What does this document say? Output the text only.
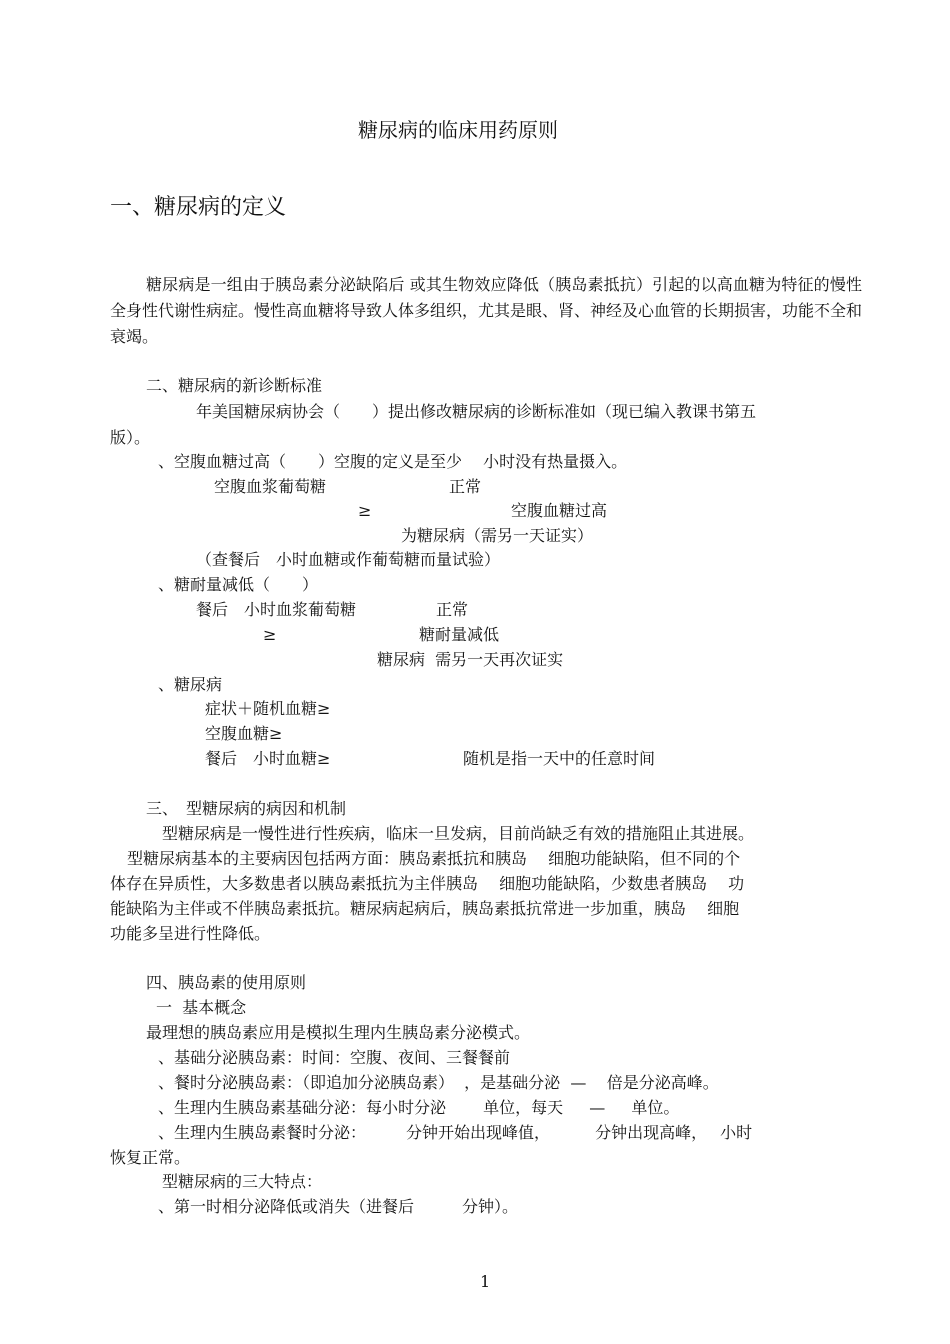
糖尿病的临床用药原则
一、糖尿病的定义
糖尿病是一组由于胰岛素分泌缺陷后 或其生物效应降低（胰岛素抵抗）引起的以高血糖为特征的慢性全身性代谢性病症。慢性高血糖将导致人体多组织，尤其是眼、肾、神经及心血管的长期损害，功能不全和衰竭。
二、糖尿病的新诊断标准
年美国糖尿病协会（　　）提出修改糖尿病的诊断标准如（现已编入教课书第五
版）。
、空腹血糖过高（　　）空腹的定义是至少　 小时没有热量摄入。
空腹血浆葡萄糖	正常
≥	空腹血糖过高
为糖尿病（需另一天证实）
（查餐后　小时血糖或作葡萄糖而量试验）
、糖耐量减低（　　）
餐后　小时血浆葡萄糖	正常
≥	糖耐量减低
糖尿病  需另一天再次证实
、糖尿病
症状＋随机血糖≥
空腹血糖≥
餐后　小时血糖≥	随机是指一天中的任意时间
三、　型糖尿病的病因和机制
型糖尿病是一慢性进行性疾病，临床一旦发病，目前尚缺乏有效的措施阻止其进展。
型糖尿病基本的主要病因包括两方面：胰岛素抵抗和胰岛　 细胞功能缺陷，但不同的个
体存在异质性，大多数患者以胰岛素抵抗为主伴胰岛　 细胞功能缺陷，少数患者胰岛　 功
能缺陷为主伴或不伴胰岛素抵抗。糖尿病起病后，胰岛素抵抗常进一步加重，胰岛　 细胞
功能多呈进行性降低。
四、胰岛素的使用原则
一  基本概念
最理想的胰岛素应用是模拟生理内生胰岛素分泌模式。
、基础分泌胰岛素：时间：空腹、夜间、三餐餐前
、餐时分泌胰岛素：（即追加分泌胰岛素）  ，是基础分泌  —    倍是分泌高峰。
、生理内生胰岛素基础分泌：每小时分泌　　 单位，每天　  —　  单位。
、生理内生胰岛素餐时分泌：　　　分钟开始出现峰值，　　　 分钟出现高峰，　 小时
恢复正常。
型糖尿病的三大特点：
、第一时相分泌降低或消失（进餐后　　　分钟）。
1
